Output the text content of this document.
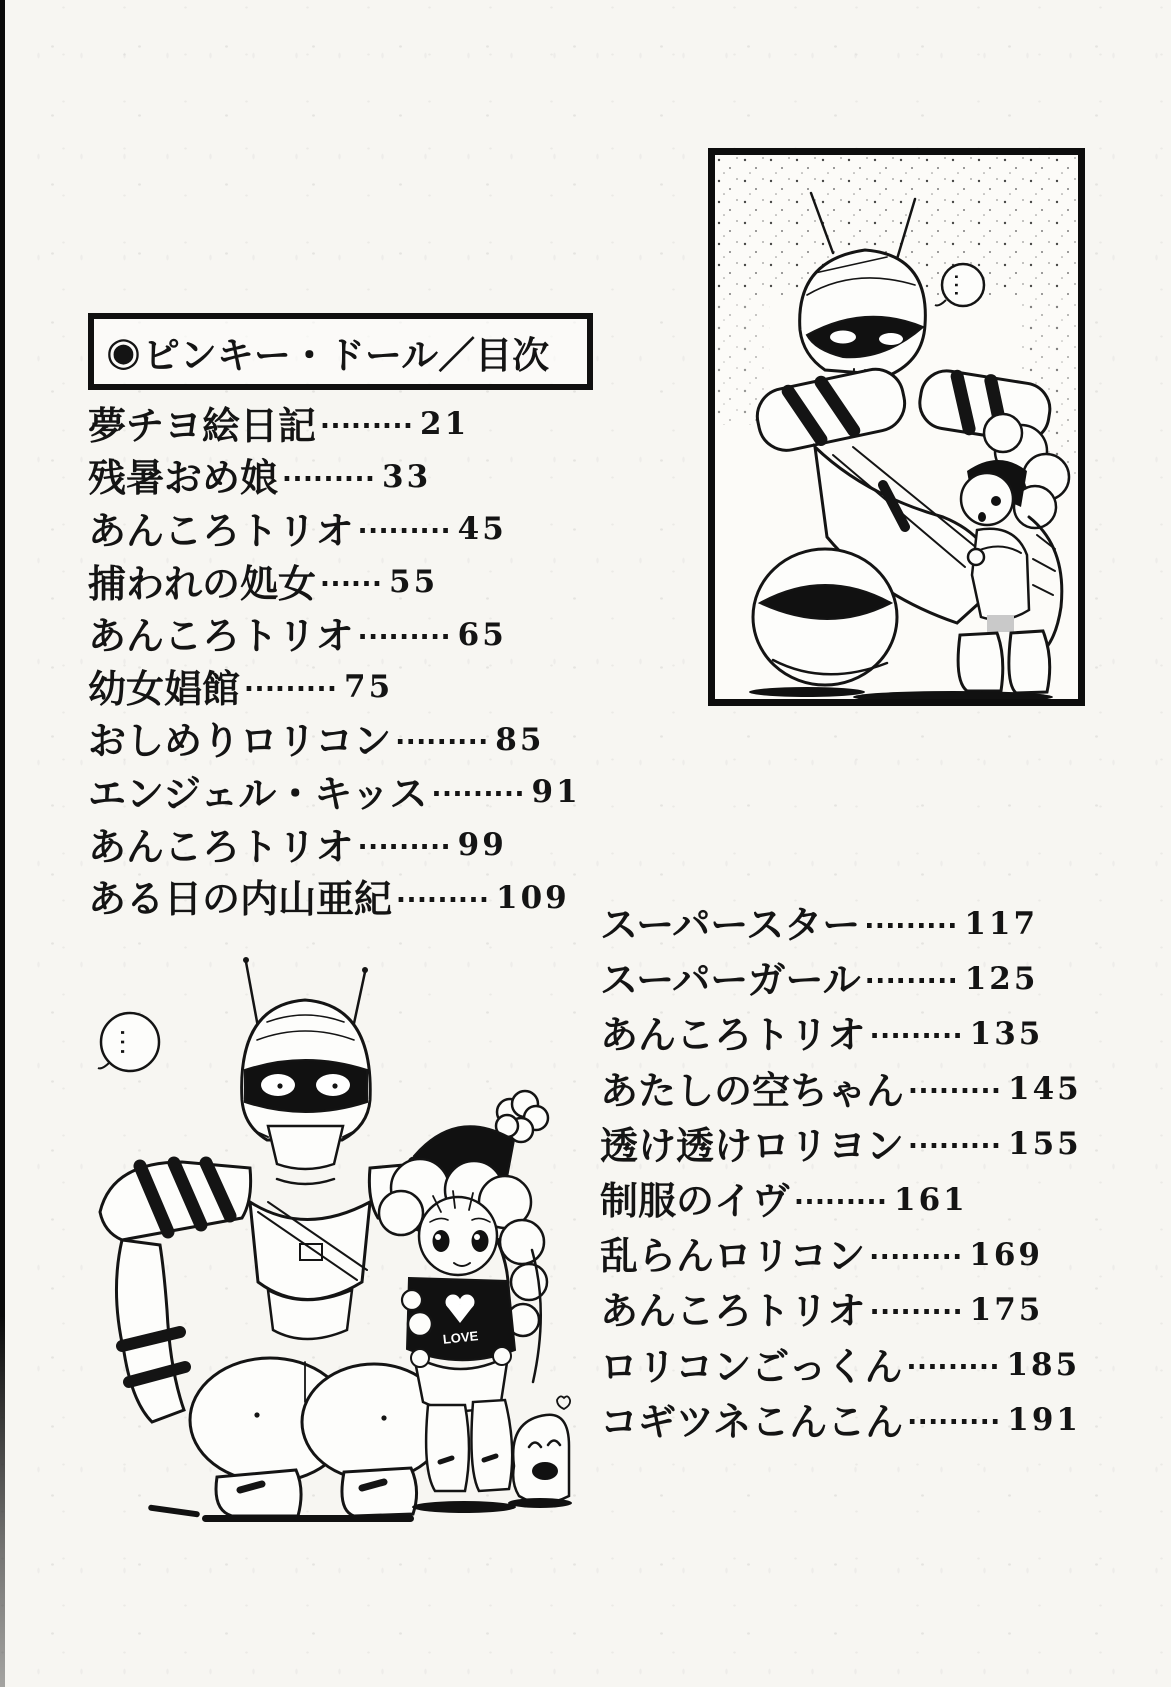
…
◉ ピンキー・ドール／目次
夢チヨ絵日記 ……… 21
残暑おめ娘 ……… 33
あんころトリオ ……… 45
捕われの処女 …… 55
あんころトリオ ……… 65
幼女娼館 ……… 75
おしめりロリコン ……… 85
エンジェル・キッス ……… 91
あんころトリオ ……… 99
ある日の内山亜紀 ……… 109
スーパースター ……… 117
スーパーガール ……… 125
あんころトリオ ……… 135
あたしの空ちゃん ……… 145
透け透けロリヨン ……… 155
制服のイヴ ……… 161
乱らんロリコン ……… 169
あんころトリオ ……… 175
ロリコンごっくん ……… 185
コギツネこんこん ……… 191
…
LOVE
